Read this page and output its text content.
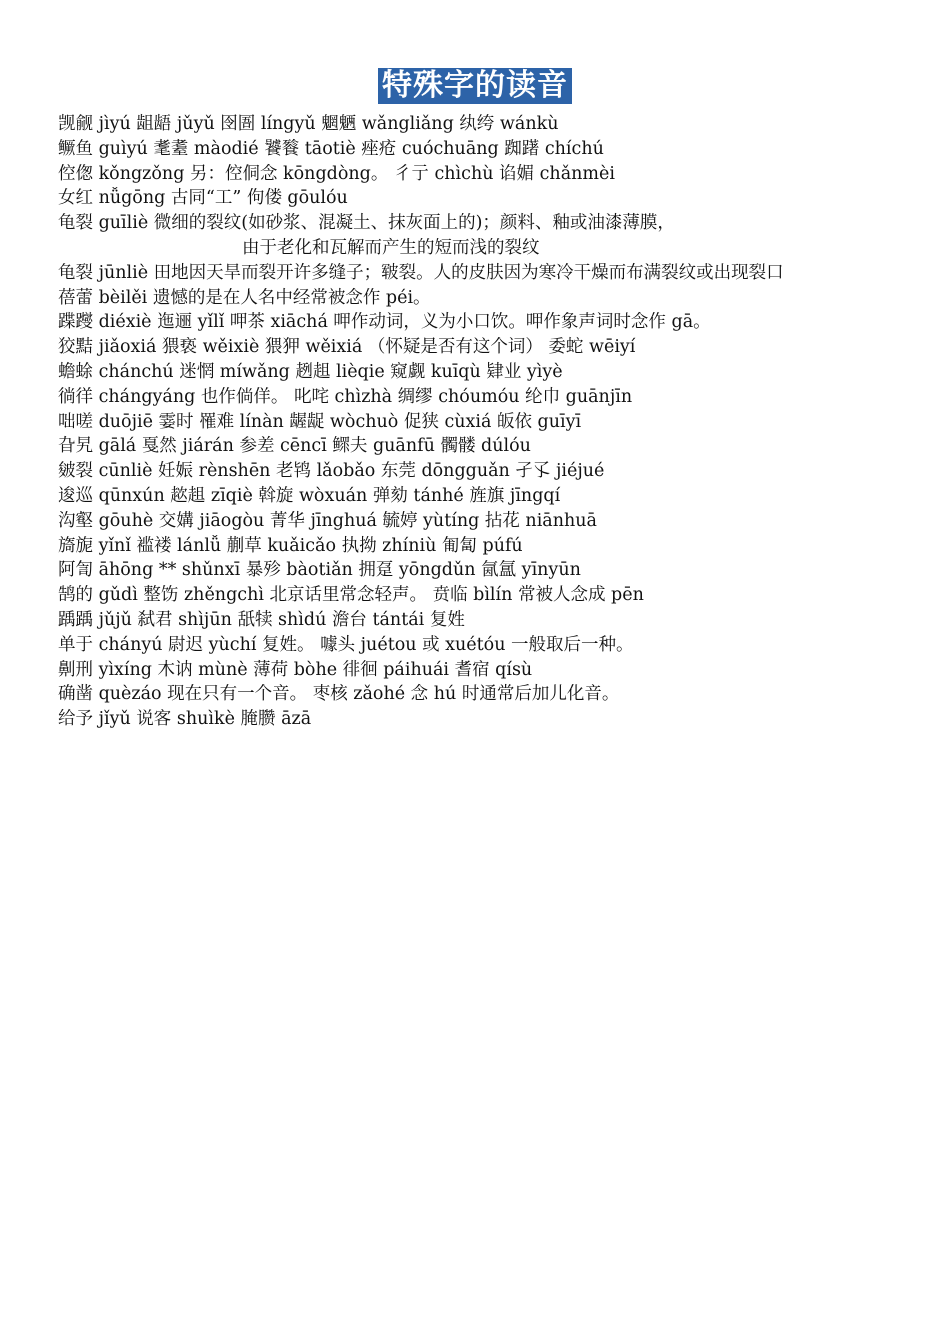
特殊字的读音
觊觎 jìyú 龃龉 jǔyǔ 囹圄 língyǔ 魍魉 wǎngliǎng 纨绔 wánkù
鳜鱼 guìyú 耄耋 màodié 饕餮 tāotiè 痤疮 cuóchuāng 踟躇 chíchú
倥偬 kǒngzǒng 另：倥侗念 kōngdòng。 彳亍 chìchù 谄媚 chǎnmèi
女红 nǚgōng 古同“工” 佝偻 gōulóu
龟裂 guīliè 微细的裂纹(如砂浆、混凝土、抹灰面上的)；颜料、釉或油漆薄膜，
由于老化和瓦解而产生的短而浅的裂纹
龟裂 jūnliè 田地因天旱而裂开许多缝子；皲裂。人的皮肤因为寒冷干燥而布满裂纹或出现裂口
蓓蕾 bèilěi 遗憾的是在人名中经常被念作 péi。
蹀躞 diéxiè 迤逦 yǐlǐ 呷茶 xiāchá 呷作动词，义为小口饮。呷作象声词时念作 gā。
狡黠 jiǎoxiá 猥亵 wěixiè 猥狎 wěixiá （怀疑是否有这个词） 委蛇 wēiyí
蟾蜍 chánchú 迷惘 míwǎng 趔趄 lièqie 窥觑 kuīqù 肄业 yìyè
徜徉 chángyáng 也作倘佯。 叱咤 chìzhà 绸缪 chóumóu 纶巾 guānjīn
咄嗟 duōjiē 霎时 罹难 línàn 龌龊 wòchuò 促狭 cùxiá 皈依 guīyī
旮旯 gālá 戛然 jiárán 参差 cēncī 鳏夫 guānfū 髑髅 dúlóu
皴裂 cūnliè 妊娠 rènshēn 老鸨 lǎobǎo 东莞 dōngguǎn 孑孓 jiéjué
逡巡 qūnxún 趑趄 zīqiè 斡旋 wòxuán 弹劾 tánhé 旌旗 jīngqí
沟壑 gōuhè 交媾 jiāogòu 菁华 jīnghuá 毓婷 yùtíng 拈花 niānhuā
旖旎 yǐnǐ 褴褛 lánlǚ 蒯草 kuǎicǎo 执拗 zhíniù 匍匐 púfú
阿訇 āhōng ** shǔnxī 暴殄 bàotiǎn 拥趸 yōngdǔn 氤氲 yīnyūn
鹄的 gǔdì 整饬 zhěngchì 北京话里常念轻声。 贲临 bìlín 常被人念成 pēn
踽踽 jǔjǔ 弑君 shìjūn 舐犊 shìdú 澹台 tántái 复姓
单于 chányú 尉迟 yùchí 复姓。 噱头 juétou 或 xuétóu 一般取后一种。
劓刑 yìxíng 木讷 mùnè 薄荷 bòhe 徘徊 páihuái 耆宿 qísù
确凿 quèzáo 现在只有一个音。 枣核 zǎohé 念 hú 时通常后加儿化音。
给予 jǐyǔ 说客 shuìkè 腌臜 āzā
